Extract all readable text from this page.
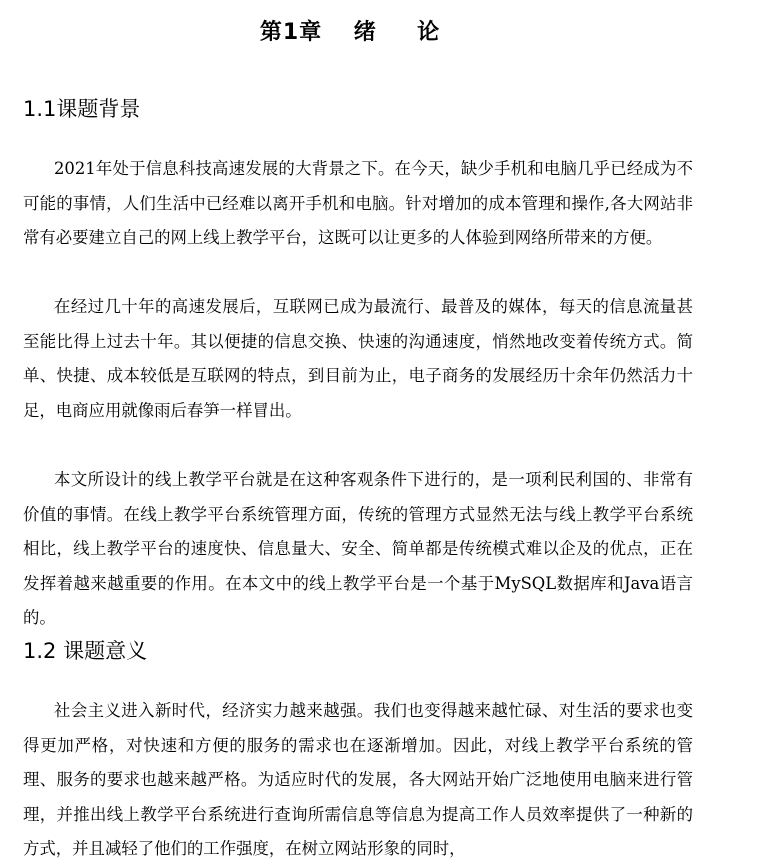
第1章　 绪　  论
1.1课题背景

2021年处于信息科技高速发展的大背景之下。在今天，缺少手机和电脑几乎已经成为不可能的事情，人们生活中已经难以离开手机和电脑。针对增加的成本管理和操作,各大网站非常有必要建立自己的网上线上教学平台，这既可以让更多的人体验到网络所带来的方便。

在经过几十年的高速发展后，互联网已成为最流行、最普及的媒体，每天的信息流量甚至能比得上过去十年。其以便捷的信息交换、快速的沟通速度，悄然地改变着传统方式。简单、快捷、成本较低是互联网的特点，到目前为止，电子商务的发展经历十余年仍然活力十足，电商应用就像雨后春笋一样冒出。

本文所设计的线上教学平台就是在这种客观条件下进行的，是一项利民利国的、非常有价值的事情。在线上教学平台系统管理方面，传统的管理方式显然无法与线上教学平台系统相比，线上教学平台的速度快、信息量大、安全、简单都是传统模式难以企及的优点，正在发挥着越来越重要的作用。在本文中的线上教学平台是一个基于MySQL数据库和Java语言的。

1.2 课题意义

社会主义进入新时代，经济实力越来越强。我们也变得越来越忙碌、对生活的要求也变得更加严格，对快速和方便的服务的需求也在逐渐增加。因此，对线上教学平台系统的管理、服务的要求也越来越严格。为适应时代的发展，各大网站开始广泛地使用电脑来进行管理，并推出线上教学平台系统进行查询所需信息等信息为提高工作人员效率提供了一种新的方式，并且减轻了他们的工作强度，在树立网站形象的同时，
